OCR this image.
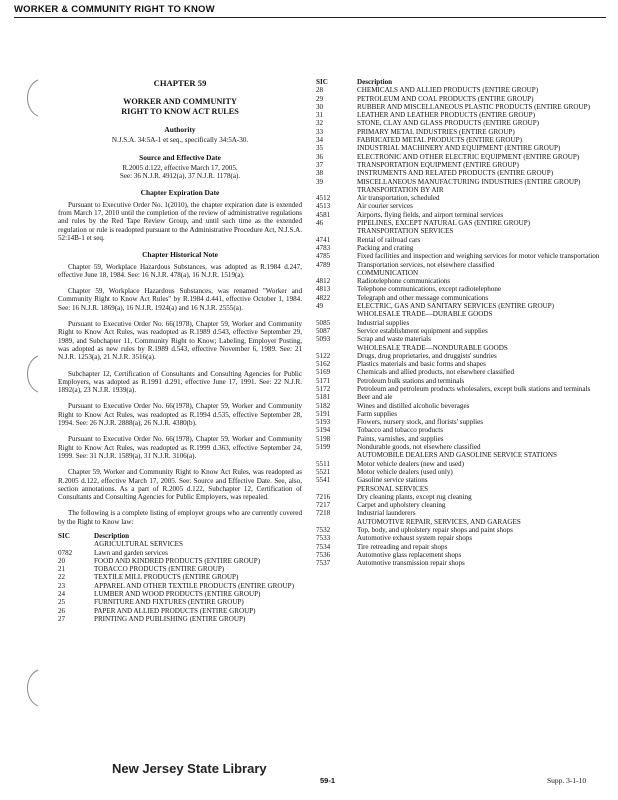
WORKER & COMMUNITY RIGHT TO KNOW
CHAPTER 59
WORKER AND COMMUNITY
RIGHT TO KNOW ACT RULES
Authority
N.J.S.A. 34:5A-1 et seq., specifically 34:5A-30.
Source and Effective Date
R.2005 d.122, effective March 17, 2005.
See: 36 N.J.R. 4912(a), 37 N.J.R. 1178(a).
Chapter Expiration Date

Pursuant to Executive Order No. 1(2010), the chapter expiration date is extended from March 17, 2010 until the completion of the review of administrative regulations and rules by the Red Tape Review Group, and until such time as the extended regulation or rule is readopted pursuant to the Administrative Procedure Act, N.J.S.A. 52:14B-1 et seq.

Chapter Historical Note

Chapter 59, Workplace Hazardous Substances, was adopted as R.1984 d.247, effective June 18, 1984. See: 16 N.J.R. 478(a), 16 N.J.R. 1519(a).

Chapter 59, Workplace Hazardous Substances, was renamed "Worker and Community Right to Know Act Rules" by R.1984 d.441, effective October 1, 1984. See: 16 N.J.R. 1869(a), 16 N.J.R. 1924(a) and 16 N.J.R. 2555(a).

Pursuant to Executive Order No. 66(1978), Chapter 59, Worker and Community Right to Know Act Rules, was readopted as R.1989 d.543, effective September 29, 1989, and Subchapter 11, Community Right to Know; Labeling, Employer Posting, was adopted as new rules by R.1989 d.543, effective November 6, 1989. See: 21 N.J.R. 1253(a), 21 N.J.R. 3516(a).

Subchapter 12, Certification of Consultants and Consulting Agencies for Public Employers, was adopted as R.1991 d.291, effective June 17, 1991. See: 22 N.J.R. 1892(a), 23 N.J.R. 1939(a).

Pursuant to Executive Order No. 66(1978), Chapter 59, Worker and Community Right to Know Act Rules, was readopted as R.1994 d.535, effective September 28, 1994. See: 26 N.J.R. 2888(a), 26 N.J.R. 4380(b).

Pursuant to Executive Order No. 66(1978), Chapter 59, Worker and Community Right to Know Act Rules, was readopted as R.1999 d.363, effective September 24, 1999. See: 31 N.J.R. 1589(a), 31 N.J.R. 3106(a).

Chapter 59, Worker and Community Right to Know Act Rules, was readopted as R.2005 d.122, effective March 17, 2005. See: Source and Effective Date. See, also, section annotations. As a part of R.2005 d.122, Subchapter 12, Certification of Consultants and Consulting Agencies for Public Employers, was repealed.

The following is a complete listing of employer groups who are currently covered by the Right to Know law:

SIC	Description
AGRICULTURAL SERVICES
0782	Lawn and garden services
20	FOOD AND KINDRED PRODUCTS (ENTIRE GROUP)
21	TOBACCO PRODUCTS (ENTIRE GROUP)
22	TEXTILE MILL PRODUCTS (ENTIRE GROUP)
23	APPAREL AND OTHER TEXTILE PRODUCTS (ENTIRE GROUP)
24	LUMBER AND WOOD PRODUCTS (ENTIRE GROUP)
25	FURNITURE AND FIXTURES (ENTIRE GROUP)
26	PAPER AND ALLIED PRODUCTS (ENTIRE GROUP)
27	PRINTING AND PUBLISHING (ENTIRE GROUP)
SIC	Description
28	CHEMICALS AND ALLIED PRODUCTS (ENTIRE GROUP)
29	PETROLEUM AND COAL PRODUCTS (ENTIRE GROUP)
30	RUBBER AND MISCELLANEOUS PLASTIC PRODUCTS (ENTIRE GROUP)
31	LEATHER AND LEATHER PRODUCTS (ENTIRE GROUP)
32	STONE, CLAY AND GLASS PRODUCTS (ENTIRE GROUP)
33	PRIMARY METAL INDUSTRIES (ENTIRE GROUP)
34	FABRICATED METAL PRODUCTS (ENTIRE GROUP)
35	INDUSTRIAL MACHINERY AND EQUIPMENT (ENTIRE GROUP)
36	ELECTRONIC AND OTHER ELECTRIC EQUIPMENT (ENTIRE GROUP)
37	TRANSPORTATION EQUIPMENT (ENTIRE GROUP)
38	INSTRUMENTS AND RELATED PRODUCTS (ENTIRE GROUP)
39	MISCELLANEOUS MANUFACTURING INDUSTRIES (ENTIRE GROUP)
TRANSPORTATION BY AIR
4512	Air transportation, scheduled
4513	Air courier services
4581	Airports, flying fields, and airport terminal services
46	PIPELINES, EXCEPT NATURAL GAS (ENTIRE GROUP)
TRANSPORTATION SERVICES
4741	Rental of railroad cars
4783	Packing and crating
4785	Fixed facilities and inspection and weighing services for motor vehicle transportation
4789	Transportation services, not elsewhere classified
COMMUNICATION
4812	Radiotelephone communications
4813	Telephone communications, except radiotelephone
4822	Telegraph and other message communications
49	ELECTRIC, GAS AND SANITARY SERVICES (ENTIRE GROUP)
WHOLESALE TRADE—DURABLE GOODS
5085	Industrial supplies
5087	Service establishment equipment and supplies
5093	Scrap and waste materials
WHOLESALE TRADE—NONDURABLE GOODS
5122	Drugs, drug proprietaries, and druggists' sundries
5162	Plastics materials and basic forms and shapes
5169	Chemicals and allied products, not elsewhere classified
5171	Petroleum bulk stations and terminals
5172	Petroleum and petroleum products wholesalers, except bulk stations and terminals
5181	Beer and ale
5182	Wines and distilled alcoholic beverages
5191	Farm supplies
5193	Flowers, nursery stock, and florists' supplies
5194	Tobacco and tobacco products
5198	Paints, varnishes, and supplies
5199	Nondurable goods, not elsewhere classified
AUTOMOBILE DEALERS AND GASOLINE SERVICE STATIONS
5511	Motor vehicle dealers (new and used)
5521	Motor vehicle dealers (used only)
5541	Gasoline service stations
PERSONAL SERVICES
7216	Dry cleaning plants, except rug cleaning
7217	Carpet and upholstery cleaning
7218	Industrial launderers
AUTOMOTIVE REPAIR, SERVICES, AND GARAGES
7532	Top, body, and upholstery repair shops and paint shops
7533	Automotive exhaust system repair shops
7534	Tire retreading and repair shops
7536	Automotive glass replacement shops
7537	Automotive transmission repair shops
New Jersey State Library
59-1	Supp. 3-1-10
